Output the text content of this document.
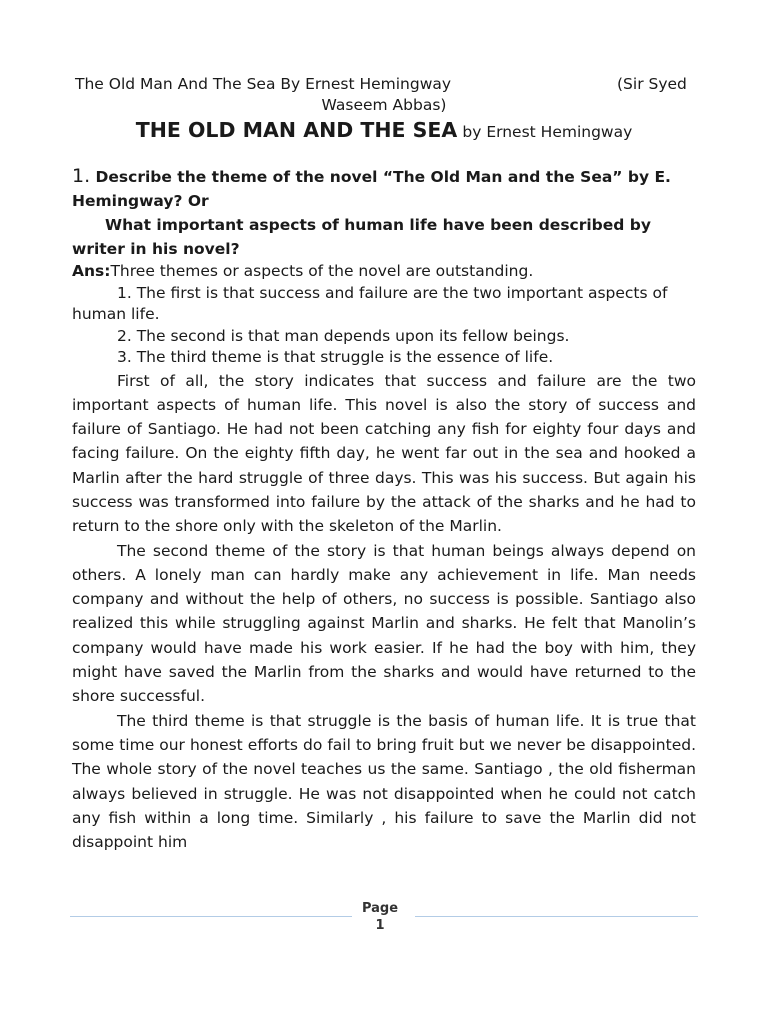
The Old Man And The Sea By Ernest Hemingway	(Sir Syed
Waseem Abbas)
THE OLD MAN AND THE SEA by Ernest Hemingway

1. Describe the theme of the novel “The Old Man and the Sea” by E. Hemingway? Or

What important aspects of human life have been described by writer in his novel?

Ans:Three themes or aspects of the novel are outstanding.

1. The first is that success and failure are the two important aspects of human life.

2. The second is that man depends upon its fellow beings.

3. The third theme is that struggle is the essence of life.

First of all, the story indicates that success and failure are the two important aspects of human life. This novel is also the story of success and failure of Santiago. He had not been catching any fish for eighty four days and facing failure. On the eighty fifth day, he went far out in the sea and hooked a Marlin after the hard struggle of three days. This was his success. But again his success was transformed into failure by the attack of the sharks and he had to return to the shore only with the skeleton of the Marlin.

The second theme of the story is that human beings always depend on others. A lonely man can hardly make any achievement in life. Man needs company and without the help of others, no success is possible. Santiago also realized this while struggling against Marlin and sharks. He felt that Manolin’s company would have made his work easier. If he had the boy with him, they might have saved the Marlin from the sharks and would have returned to the shore successful.

The third theme is that struggle is the basis of human life. It is true that some time our honest efforts do fail to bring fruit but we never be disappointed. The whole story of the novel teaches us the same. Santiago , the old fisherman always believed in struggle. He was not disappointed when he could not catch any fish within a long time. Similarly , his failure to save the Marlin did not disappoint him

Page
1
